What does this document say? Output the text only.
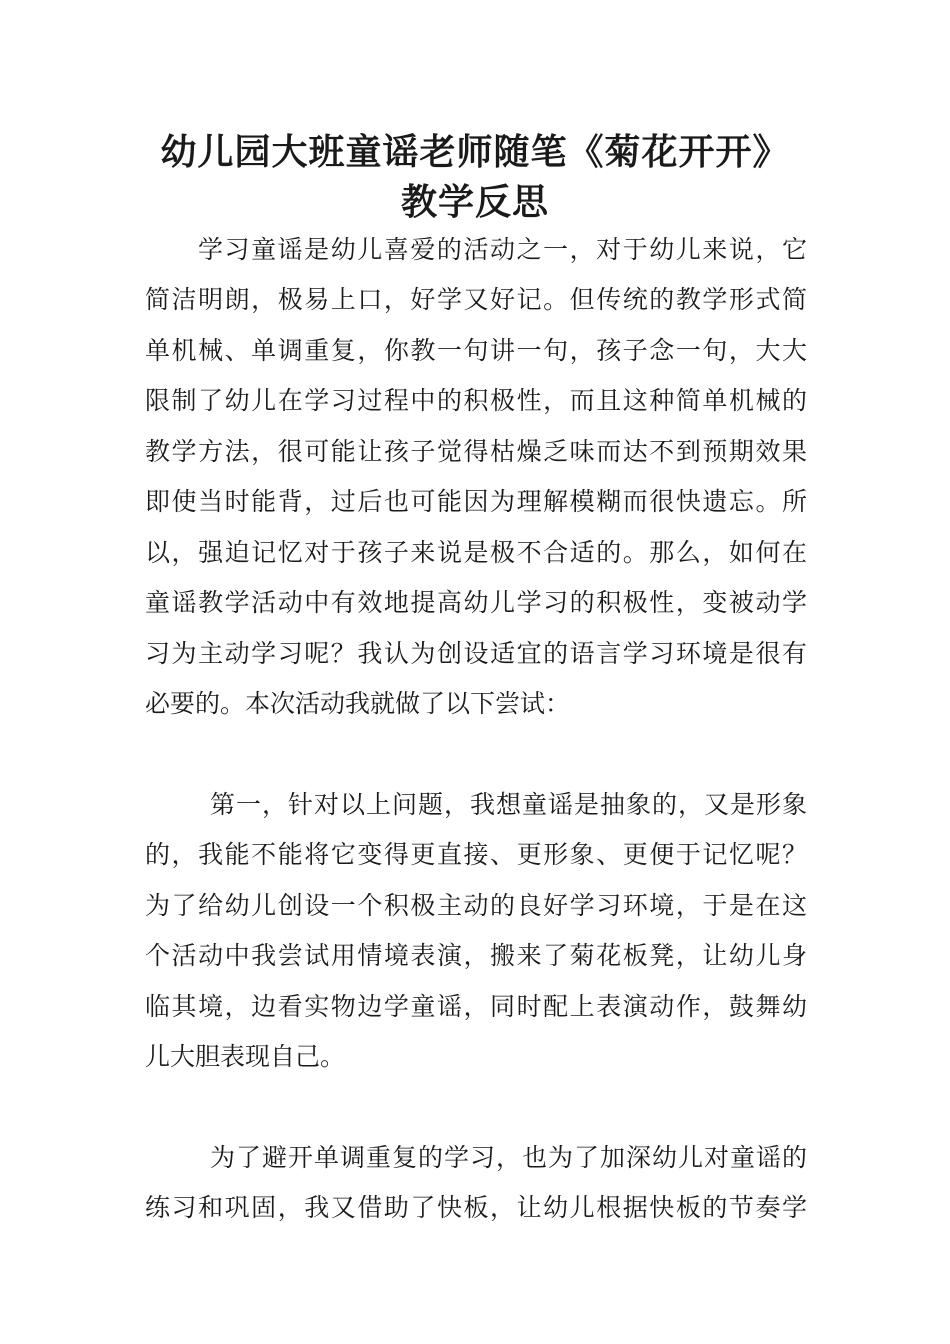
幼儿园大班童谣老师随笔《菊花开开》
教学反思
学习童谣是幼儿喜爱的活动之一，对于幼儿来说，它
简洁明朗，极易上口，好学又好记。但传统的教学形式简
单机械、单调重复，你教一句讲一句，孩子念一句，大大
限制了幼儿在学习过程中的积极性，而且这种简单机械的
教学方法，很可能让孩子觉得枯燥乏味而达不到预期效果
即使当时能背，过后也可能因为理解模糊而很快遗忘。所
以，强迫记忆对于孩子来说是极不合适的。那么，如何在
童谣教学活动中有效地提高幼儿学习的积极性，变被动学
习为主动学习呢？我认为创设适宜的语言学习环境是很有
必要的。本次活动我就做了以下尝试：
第一，针对以上问题，我想童谣是抽象的，又是形象
的，我能不能将它变得更直接、更形象、更便于记忆呢？
为了给幼儿创设一个积极主动的良好学习环境，于是在这
个活动中我尝试用情境表演，搬来了菊花板凳，让幼儿身
临其境，边看实物边学童谣，同时配上表演动作，鼓舞幼
儿大胆表现自己。
为了避开单调重复的学习，也为了加深幼儿对童谣的
练习和巩固，我又借助了快板，让幼儿根据快板的节奏学
